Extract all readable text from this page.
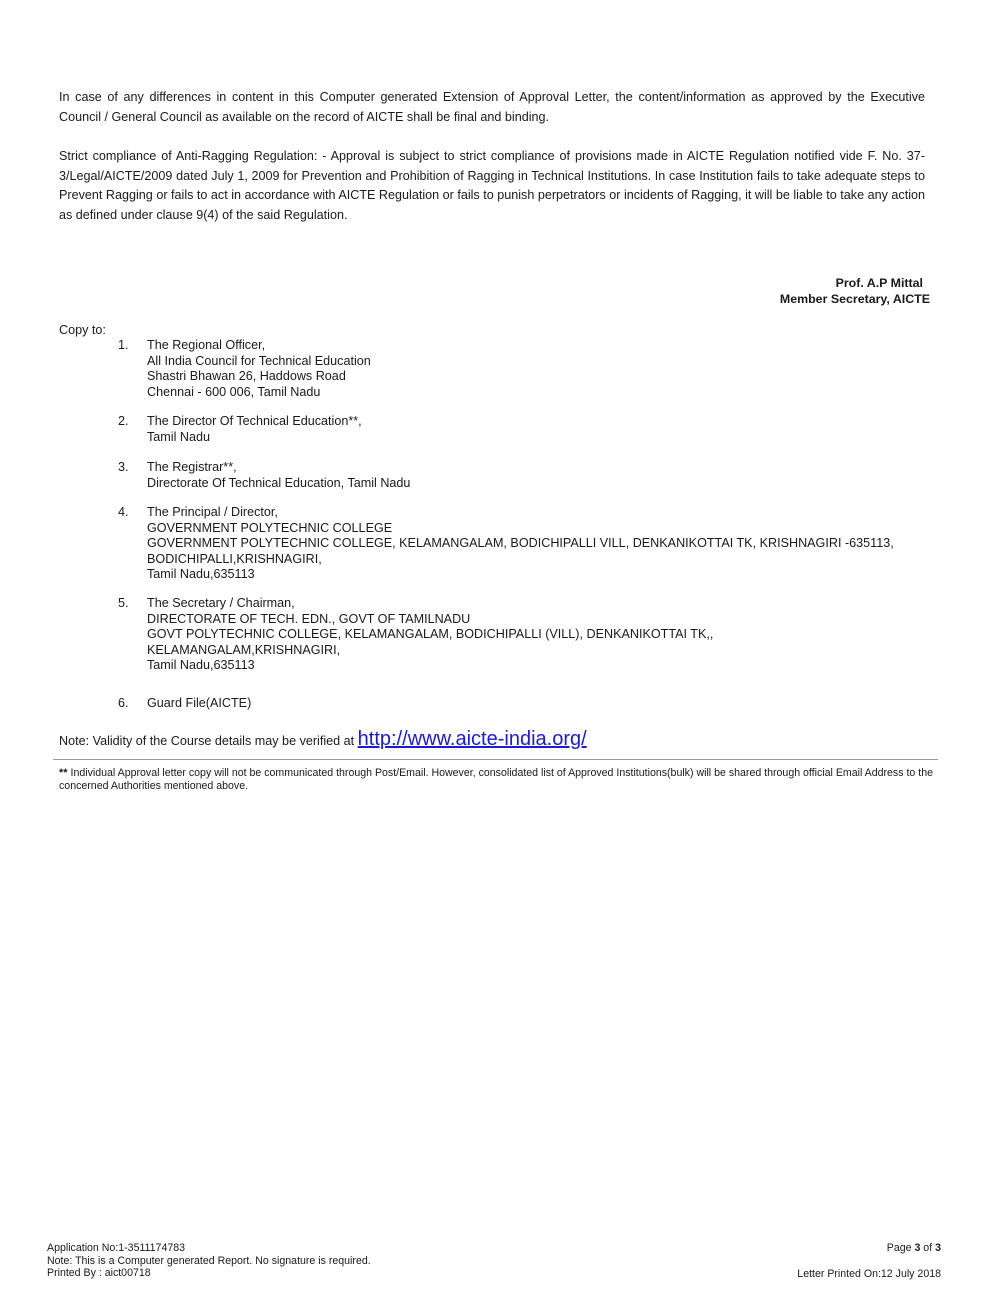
In case of any differences in content in this Computer generated Extension of Approval Letter, the content/information as approved by the Executive Council / General Council as available on the record of AICTE shall be final and binding.

Strict compliance of Anti-Ragging Regulation: - Approval is subject to strict compliance of provisions made in AICTE Regulation notified vide F. No. 37-3/Legal/AICTE/2009 dated July 1, 2009 for Prevention and Prohibition of Ragging in Technical Institutions. In case Institution fails to take adequate steps to Prevent Ragging or fails to act in accordance with AICTE Regulation or fails to punish perpetrators or incidents of Ragging, it will be liable to take any action as defined under clause 9(4) of the said Regulation.

Prof. A.P Mittal
Member Secretary, AICTE
Copy to:
1.	The Regional Officer,
All India Council for Technical Education
Shastri Bhawan 26, Haddows Road
Chennai - 600 006, Tamil Nadu
2.	The Director Of Technical Education**,
Tamil Nadu
3.	The Registrar**,
Directorate Of Technical Education, Tamil Nadu
4.	The Principal / Director,
GOVERNMENT POLYTECHNIC COLLEGE
GOVERNMENT POLYTECHNIC COLLEGE, KELAMANGALAM, BODICHIPALLI VILL, DENKANIKOTTAI TK, KRISHNAGIRI -635113,
BODICHIPALLI,KRISHNAGIRI,
Tamil Nadu,635113
5.	The Secretary / Chairman,
DIRECTORATE OF TECH. EDN., GOVT OF TAMILNADU
GOVT POLYTECHNIC COLLEGE, KELAMANGALAM, BODICHIPALLI (VILL), DENKANIKOTTAI TK,,
KELAMANGALAM,KRISHNAGIRI,
Tamil Nadu,635113
6.	Guard File(AICTE)
Note: Validity of the Course details may be verified at http://www.aicte-india.org/
** Individual Approval letter copy will not be communicated through Post/Email. However, consolidated list of Approved Institutions(bulk) will be shared through official Email Address to the concerned Authorities mentioned above.
Application No:1-3511174783
Note: This is a Computer generated Report. No signature is required.
Printed By : aict00718
Page 3 of 3
Letter Printed On:12 July 2018
